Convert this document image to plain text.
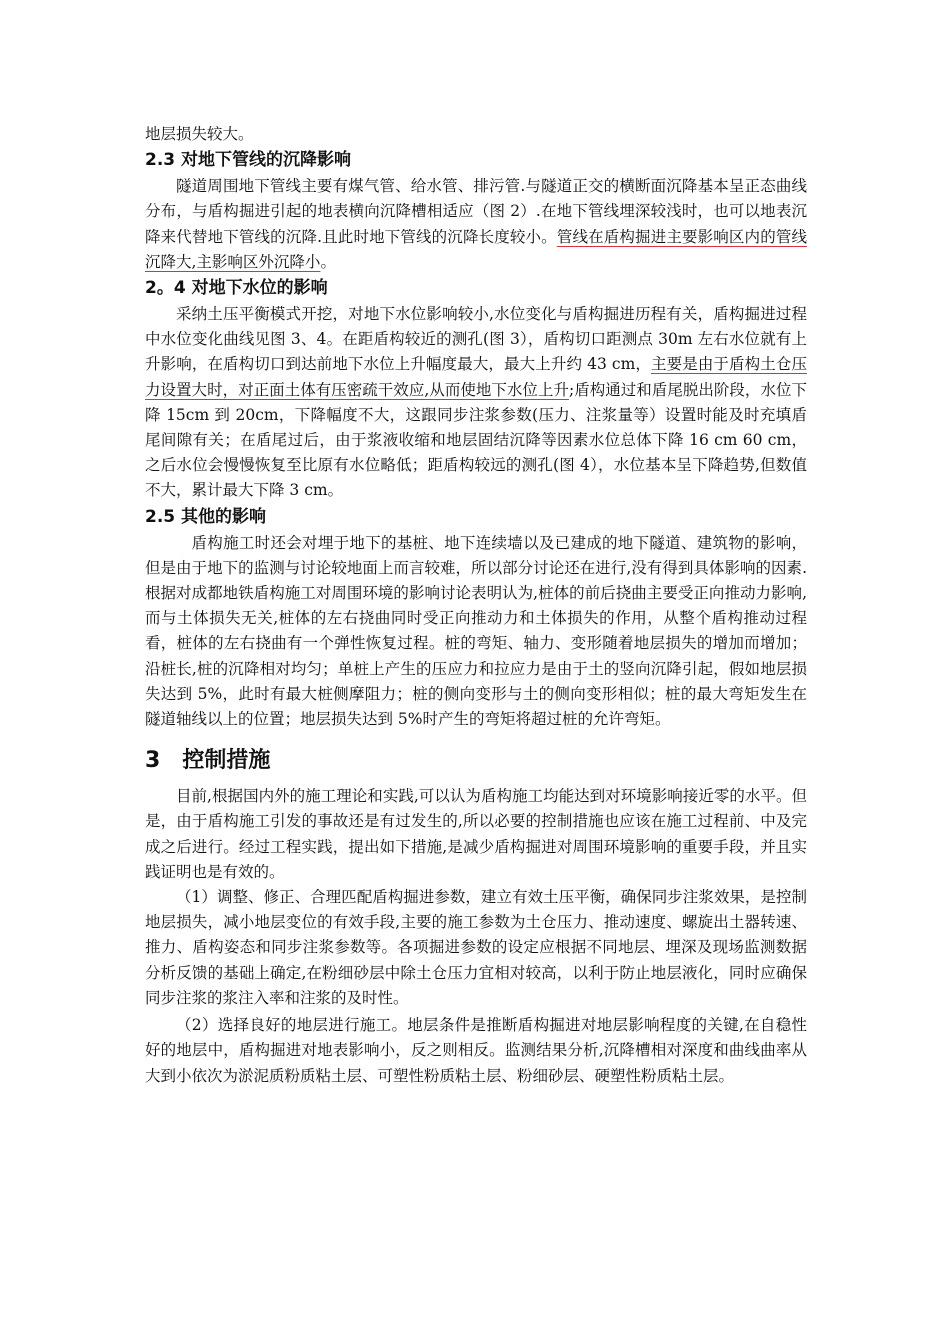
地层损失较大。

2.3 对地下管线的沉降影响

隧道周围地下管线主要有煤气管、给水管、排污管.与隧道正交的横断面沉降基本呈正态曲线分布，与盾构掘进引起的地表横向沉降槽相适应（图 2）.在地下管线埋深较浅时，也可以地表沉降来代替地下管线的沉降.且此时地下管线的沉降长度较小。管线在盾构掘进主要影响区内的管线沉降大,主影响区外沉降小。

2。4 对地下水位的影响

采纳土压平衡模式开挖，对地下水位影响较小,水位变化与盾构掘进历程有关，盾构掘进过程中水位变化曲线见图 3、4。在距盾构较近的测孔(图 3），盾构切口距测点 30m 左右水位就有上升影响，在盾构切口到达前地下水位上升幅度最大，最大上升约 43 cm，主要是由于盾构土仓压力设置大时，对正面土体有压密疏干效应,从而使地下水位上升;盾构通过和盾尾脱出阶段，水位下降 15cm 到 20cm，下降幅度不大，这跟同步注浆参数(压力、注浆量等）设置时能及时充填盾尾间隙有关；在盾尾过后，由于浆液收缩和地层固结沉降等因素水位总体下降 16 cm 60 cm，之后水位会慢慢恢复至比原有水位略低；距盾构较远的测孔(图 4），水位基本呈下降趋势,但数值不大，累计最大下降 3 cm。

2.5 其他的影响

盾构施工时还会对埋于地下的基桩、地下连续墙以及已建成的地下隧道、建筑物的影响，但是由于地下的监测与讨论较地面上而言较难，所以部分讨论还在进行,没有得到具体影响的因素.根据对成都地铁盾构施工对周围环境的影响讨论表明认为,桩体的前后挠曲主要受正向推动力影响,而与土体损失无关,桩体的左右挠曲同时受正向推动力和土体损失的作用，从整个盾构推动过程看，桩体的左右挠曲有一个弹性恢复过程。桩的弯矩、轴力、变形随着地层损失的增加而增加；沿桩长,桩的沉降相对均匀；单桩上产生的压应力和拉应力是由于土的竖向沉降引起，假如地层损失达到 5%，此时有最大桩侧摩阻力；桩的侧向变形与土的侧向变形相似；桩的最大弯矩发生在隧道轴线以上的位置；地层损失达到 5%时产生的弯矩将超过桩的允许弯矩。

3 控制措施

目前,根据国内外的施工理论和实践,可以认为盾构施工均能达到对环境影响接近零的水平。但是，由于盾构施工引发的事故还是有过发生的,所以必要的控制措施也应该在施工过程前、中及完成之后进行。经过工程实践，提出如下措施,是减少盾构掘进对周围环境影响的重要手段，并且实践证明也是有效的。

（1）调整、修正、合理匹配盾构掘进参数，建立有效土压平衡，确保同步注浆效果，是控制地层损失，减小地层变位的有效手段,主要的施工参数为土仓压力、推动速度、螺旋出土器转速、推力、盾构姿态和同步注浆参数等。各项掘进参数的设定应根据不同地层、埋深及现场监测数据分析反馈的基础上确定,在粉细砂层中除土仓压力宜相对较高，以利于防止地层液化，同时应确保同步注浆的浆注入率和注浆的及时性。

（2）选择良好的地层进行施工。地层条件是推断盾构掘进对地层影响程度的关键,在自稳性好的地层中，盾构掘进对地表影响小，反之则相反。监测结果分析,沉降槽相对深度和曲线曲率从大到小依次为淤泥质粉质粘土层、可塑性粉质粘土层、粉细砂层、硬塑性粉质粘土层。
